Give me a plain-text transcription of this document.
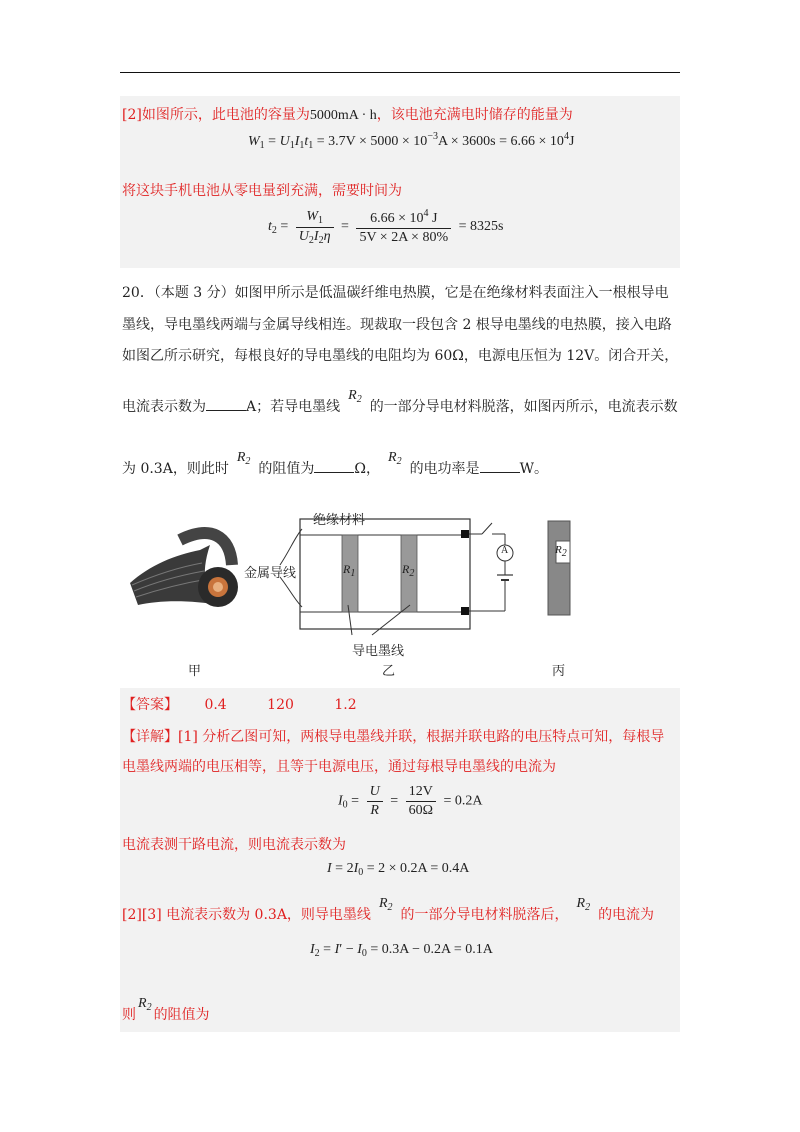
[2]如图所示，此电池的容量为5000mA · h，该电池充满电时储存的能量为
$W_1 = U_1I_1t_1 = 3.7V \times 5000 \times 10^{-3}A \times 3600s = 6.66 \times 10^4J$
将这块手机电池从零电量到充满，需要时间为
$t_2 = \frac{W_1}{U_2I_2\eta} = \frac{6.66 \times 10^4 J}{5V \times 2A \times 80\%} = 8325s$
20．（本题 3 分）如图甲所示是低温碳纤维电热膜，它是在绝缘材料表面注入一根根导电
墨线，导电墨线两端与金属导线相连。现裁取一段包含 2 根导电墨线的电热膜，接入电路
如图乙所示研究，每根良好的导电墨线的电阻均为 60Ω，电源电压恒为 12V。闭合开关，
电流表示数为	A；若导电墨线$R_2$ 的一部分导电材料脱落，如图丙所示，电流表示数
为 0.3A，则此时$R_2$ 的阻值为	Ω，$R_2$ 的电功率是	W。
绝缘材料
金属导线
导电墨线
$R_1$	$R_2$
A	R2
甲	乙	丙
【答案】 0.4	120	1.2
【详解】[1] 分析乙图可知，两根导电墨线并联，根据并联电路的电压特点可知，每根导
电墨线两端的电压相等，且等于电源电压，通过每根导电墨线的电流为
$I_0 = \frac{U}{R} = \frac{12V}{60\Omega} = 0.2A$
电流表测干路电流，则电流表示数为
$I = 2I_0 = 2 \times 0.2A = 0.4A$
[2][3] 电流表示数为 0.3A，则导电墨线$R_2$ 的一部分导电材料脱落后，$R_2$ 的电流为
$I_2 = I' - I_0 = 0.3A - 0.2A = 0.1A$
则$R_2$ 的阻值为
